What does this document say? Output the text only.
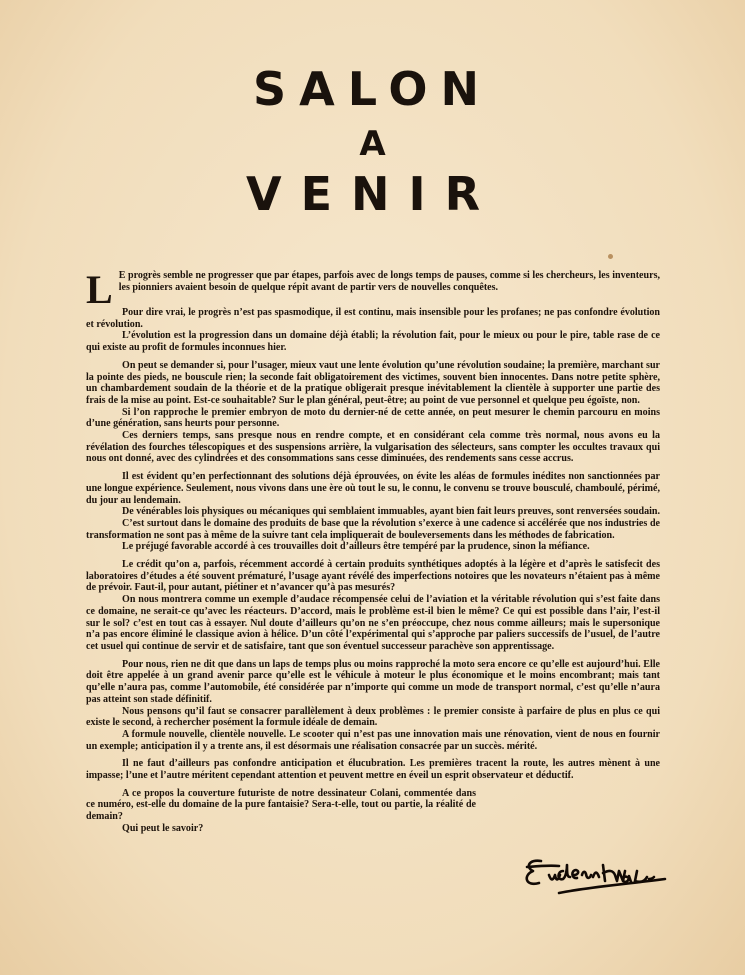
SALON
A
VENIR

L E progrès semble ne progresser que par étapes, parfois avec de longs temps de pauses, comme si les chercheurs, les inventeurs, les pionniers avaient besoin de quelque répit avant de partir vers de nouvelles conquêtes.

Pour dire vrai, le progrès n’est pas spasmodique, il est continu, mais insensible pour les profanes; ne pas confondre évolution et révolution.

L’évolution est la progression dans un domaine déjà établi; la révolution fait, pour le mieux ou pour le pire, table rase de ce qui existe au profit de formules inconnues hier.

On peut se demander si, pour l’usager, mieux vaut une lente évolution qu’une révolution soudaine; la première, marchant sur la pointe des pieds, ne bouscule rien; la seconde fait obligatoirement des victimes, souvent bien innocentes. Dans notre petite sphère, un chambardement soudain de la théorie et de la pratique obligerait presque inévitablement la clientèle à supporter une partie des frais de la mise au point. Est-ce souhaitable? Sur le plan général, peut-être; au point de vue personnel et quelque peu égoïste, non.

Si l’on rapproche le premier embryon de moto du dernier-né de cette année, on peut mesurer le chemin parcouru en moins d’une génération, sans heurts pour personne.

Ces derniers temps, sans presque nous en rendre compte, et en considérant cela comme très normal, nous avons eu la révélation des fourches télescopiques et des suspensions arrière, la vulgarisation des sélecteurs, sans compter les occultes travaux qui nous ont donné, avec des cylindrées et des consommations sans cesse diminuées, des rendements sans cesse accrus.

Il est évident qu’en perfectionnant des solutions déjà éprouvées, on évite les aléas de formules inédites non sanctionnées par une longue expérience. Seulement, nous vivons dans une ère où tout le su, le connu, le convenu se trouve bousculé, chamboulé, périmé, du jour au lendemain.

De vénérables lois physiques ou mécaniques qui semblaient immuables, ayant bien fait leurs preuves, sont renversées soudain.

C’est surtout dans le domaine des produits de base que la révolution s’exerce à une cadence si accélérée que nos industries de transformation ne sont pas à même de la suivre tant cela impliquerait de bouleversements dans les méthodes de fabrication.

Le préjugé favorable accordé à ces trouvailles doit d’ailleurs être tempéré par la prudence, sinon la méfiance.

Le crédit qu’on a, parfois, récemment accordé à certain produits synthétiques adoptés à la légère et d’après le satisfecit des laboratoires d’études a été souvent prématuré, l’usage ayant révélé des imperfections notoires que les novateurs n’étaient pas à même de prévoir. Faut-il, pour autant, piétiner et n’avancer qu’à pas mesurés?

On nous montrera comme un exemple d’audace récompensée celui de l’aviation et la véritable révolution qui s’est faite dans ce domaine, ne serait-ce qu’avec les réacteurs. D’accord, mais le problème est-il bien le même? Ce qui est possible dans l’air, l’est-il sur le sol? c’est en tout cas à essayer. Nul doute d’ailleurs qu’on ne s’en préoccupe, chez nous comme ailleurs; mais le supersonique n’a pas encore éliminé le classique avion à hélice. D’un côté l’expérimental qui s’approche par paliers successifs de l’usuel, de l’autre cet usuel qui continue de servir et de satisfaire, tant que son éventuel successeur parachève son apprentissage.

Pour nous, rien ne dit que dans un laps de temps plus ou moins rapproché la moto sera encore ce qu’elle est aujourd’hui. Elle doit être appelée à un grand avenir parce qu’elle est le véhicule à moteur le plus économique et le moins encombrant; mais tant qu’elle n’aura pas, comme l’automobile, été considérée par n’importe qui comme un mode de transport normal, c’est qu’elle n’aura pas atteint son stade définitif.

Nous pensons qu’il faut se consacrer parallèlement à deux problèmes : le premier consiste à parfaire de plus en plus ce qui existe le second, à rechercher posément la formule idéale de demain.

A formule nouvelle, clientèle nouvelle. Le scooter qui n’est pas une innovation mais une rénovation, vient de nous en fournir un exemple; anticipation il y a trente ans, il est désormais une réalisation consacrée par un succès. mérité.

Il ne faut d’ailleurs pas confondre anticipation et élucubration. Les premières tracent la route, les autres mènent à une impasse; l’une et l’autre méritent cependant attention et peuvent mettre en éveil un esprit observateur et déductif.

A ce propos la couverture futuriste de notre dessinateur Colani, commentée dans ce numéro, est-elle du domaine de la pure fantaisie? Sera-t-elle, tout ou partie, la réalité de demain?

Qui peut le savoir?
